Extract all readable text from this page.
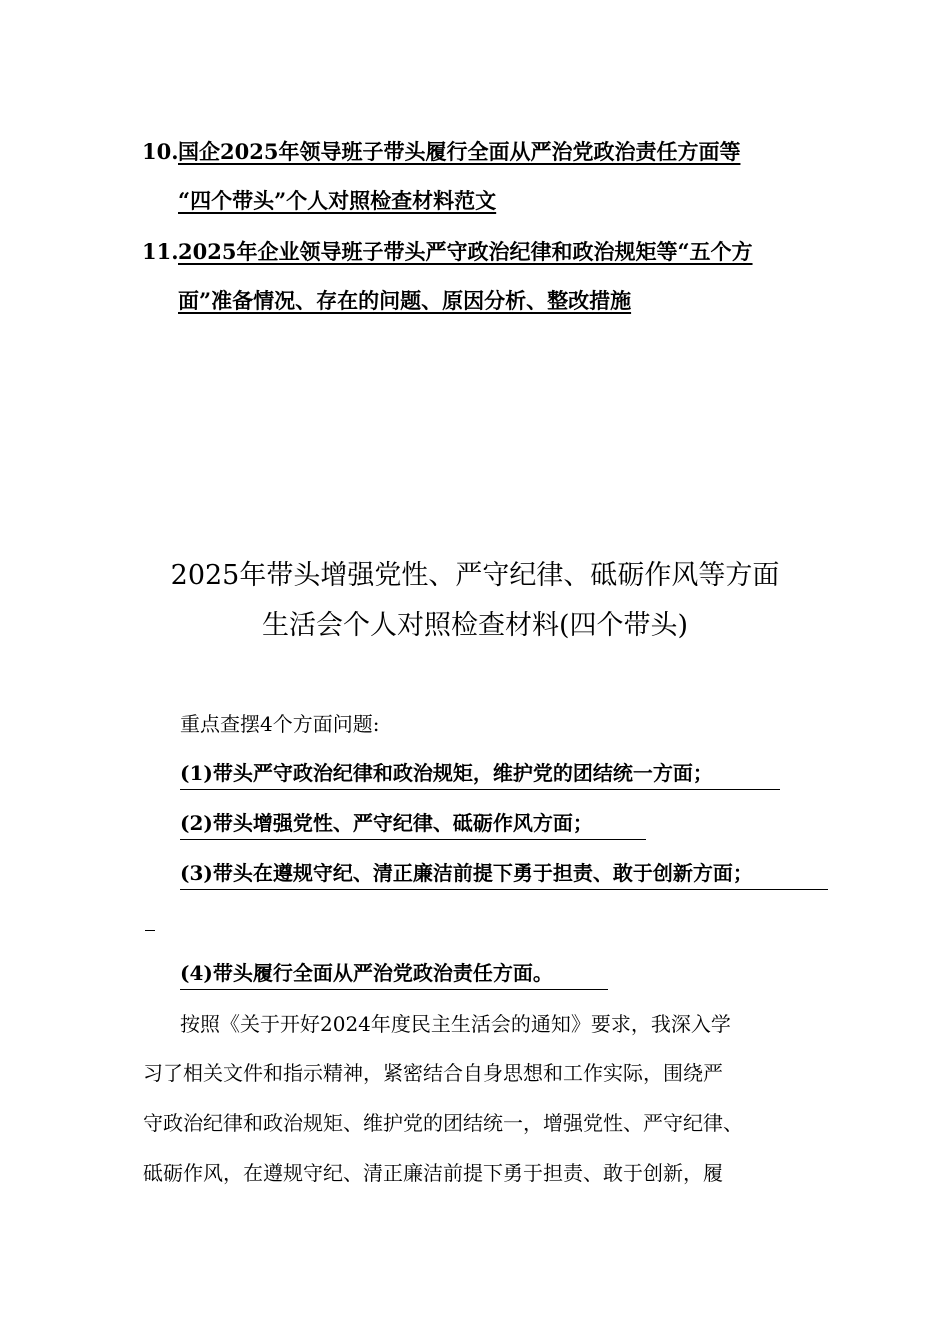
10.国企2025年领导班子带头履行全面从严治党政治责任方面等
“四个带头”个人对照检查材料范文
11.2025年企业领导班子带头严守政治纪律和政治规矩等“五个方
面”准备情况、存在的问题、原因分析、整改措施
2025年带头增强党性、严守纪律、砥砺作风等方面
生活会个人对照检查材料(四个带头)
重点查摆4个方面问题:
(1)带头严守政治纪律和政治规矩，维护党的团结统一方面；
(2)带头增强党性、严守纪律、砥砺作风方面；
(3)带头在遵规守纪、清正廉洁前提下勇于担责、敢于创新方面；
(4)带头履行全面从严治党政治责任方面。
按照《关于开好2024年度民主生活会的通知》要求，我深入学
习了相关文件和指示精神，紧密结合自身思想和工作实际，围绕严
守政治纪律和政治规矩、维护党的团结统一，增强党性、严守纪律、
砥砺作风，在遵规守纪、清正廉洁前提下勇于担责、敢于创新，履
